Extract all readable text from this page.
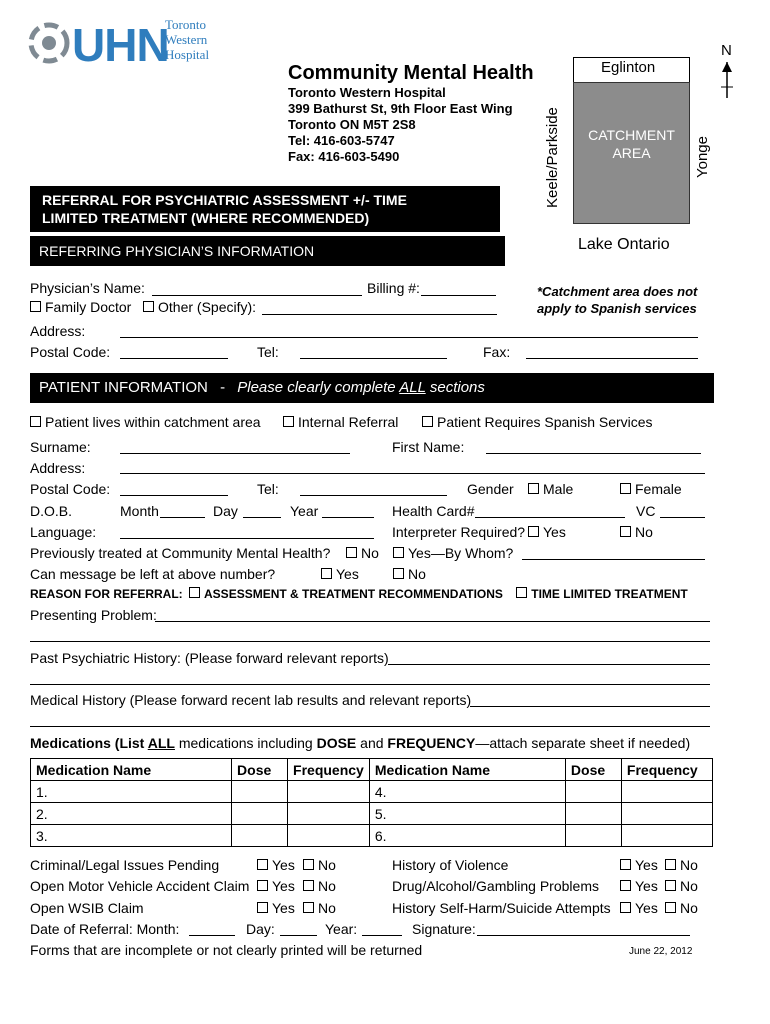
UHN
Toronto
Western
Hospital
Community Mental Health
Toronto Western Hospital
399 Bathurst St, 9th Floor East Wing
Toronto ON M5T 2S8
Tel: 416-603-5747
Fax: 416-603-5490
Eglinton
CATCHMENT
AREA
Keele/Parkside	Yonge
Lake Ontario
N
*Catchment area does not apply to Spanish services
REFERRAL FOR PSYCHIATRIC ASSESSMENT +/- TIME
LIMITED TREATMENT (WHERE RECOMMENDED)
REFERRING PHYSICIAN’S INFORMATION
Physician’s Name:	Billing #:
Family Doctor	Other (Specify):
Address:
Postal Code:	Tel:	Fax:
PATIENT INFORMATION - Please clearly complete ALL sections
Patient lives within catchment area	Internal Referral	Patient Requires Spanish Services
Surname:	First Name:
Address:
Postal Code:	Tel:	Gender	Male	Female
D.O.B.	Month	Day	Year	Health Card#	VC
Language:	Interpreter Required?	Yes	No
Previously treated at Community Mental Health?	No	Yes—By Whom?
Can message be left at above number?	Yes	No
REASON FOR REFERRAL: ASSESSMENT & TREATMENT RECOMMENDATIONS TIME LIMITED TREATMENT
Presenting Problem:
Past Psychiatric History: (Please forward relevant reports)
Medical History (Please forward recent lab results and relevant reports)
Medications (List ALL medications including DOSE and FREQUENCY—attach separate sheet if needed)
Medication Name	Dose	Frequency	Medication Name	Dose	Frequency
1.			4.		
2.			5.		
3.			6.		
Criminal/Legal Issues Pending	Yes	No	History of Violence	Yes	No
Open Motor Vehicle Accident Claim	Yes	No	Drug/Alcohol/Gambling Problems	Yes	No
Open WSIB Claim	Yes	No	History Self-Harm/Suicide Attempts	Yes	No
Date of Referral: Month:	Day:	Year:	Signature:
Forms that are incomplete or not clearly printed will be returned	June 22, 2012
